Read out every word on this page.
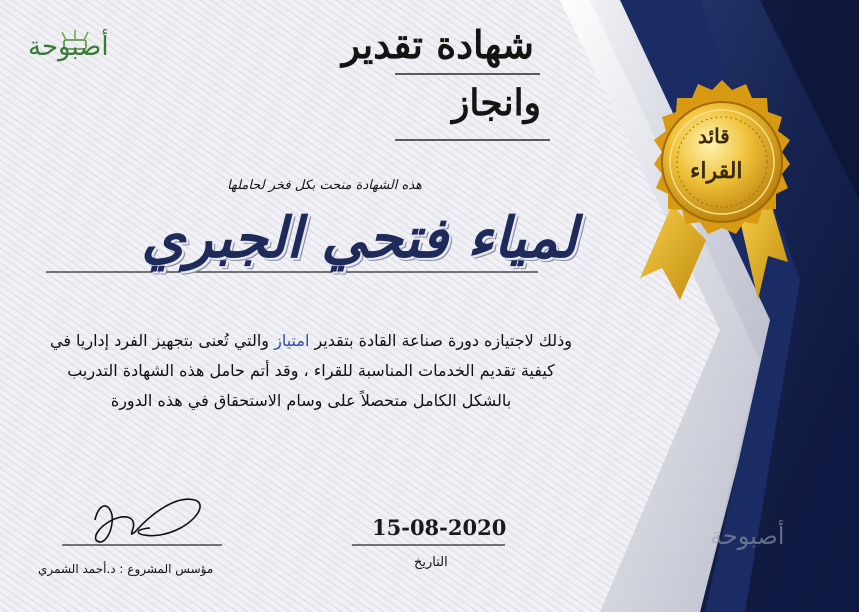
أصبوحة
أصبوحة
شهادة تقدير
وانجاز
قائد
القراء
هذه الشهادة منحت بكل فخر لحاملها
لمياء فتحي الجبري
وذلك لاجتيازه دورة صناعة القادة بتقدير امتياز والتي تُعنى بتجهيز الفرد إداريا في كيفية تقديم الخدمات المناسبة للقراء ، وقد أتم حامل هذه الشهادة التدريب بالشكل الكامل متحصلاً على وسام الاستحقاق في هذه الدورة
15-08-2020
التاريخ
مؤسس المشروع : د.أحمد الشمري
